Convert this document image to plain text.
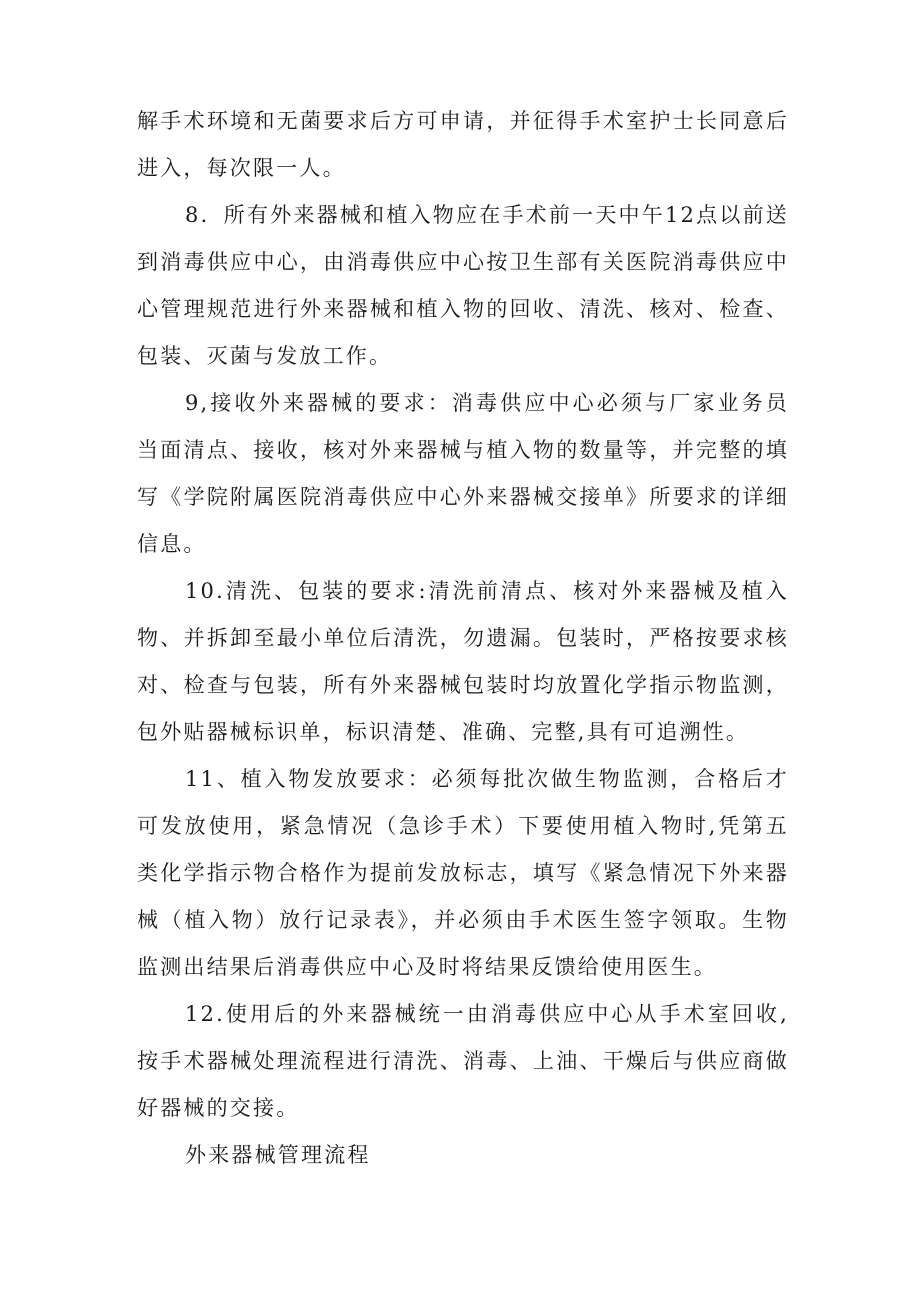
解手术环境和无菌要求后方可申请，并征得手术室护士长同意后进入，每次限一人。

8．所有外来器械和植入物应在手术前一天中午12点以前送到消毒供应中心，由消毒供应中心按卫生部有关医院消毒供应中心管理规范进行外来器械和植入物的回收、清洗、核对、检查、包装、灭菌与发放工作。

9,接收外来器械的要求：消毒供应中心必须与厂家业务员当面清点、接收，核对外来器械与植入物的数量等，并完整的填写《学院附属医院消毒供应中心外来器械交接单》所要求的详细信息。

10.清洗、包装的要求:清洗前清点、核对外来器械及植入物、并拆卸至最小单位后清洗，勿遗漏。包装时，严格按要求核对、检查与包装，所有外来器械包装时均放置化学指示物监测，包外贴器械标识单，标识清楚、准确、完整,具有可追溯性。

11、植入物发放要求：必须每批次做生物监测，合格后才可发放使用，紧急情况（急诊手术）下要使用植入物时,凭第五类化学指示物合格作为提前发放标志，填写《紧急情况下外来器械（植入物）放行记录表》，并必须由手术医生签字领取。生物监测出结果后消毒供应中心及时将结果反馈给使用医生。

12.使用后的外来器械统一由消毒供应中心从手术室回收,按手术器械处理流程进行清洗、消毒、上油、干燥后与供应商做好器械的交接。

外来器械管理流程
